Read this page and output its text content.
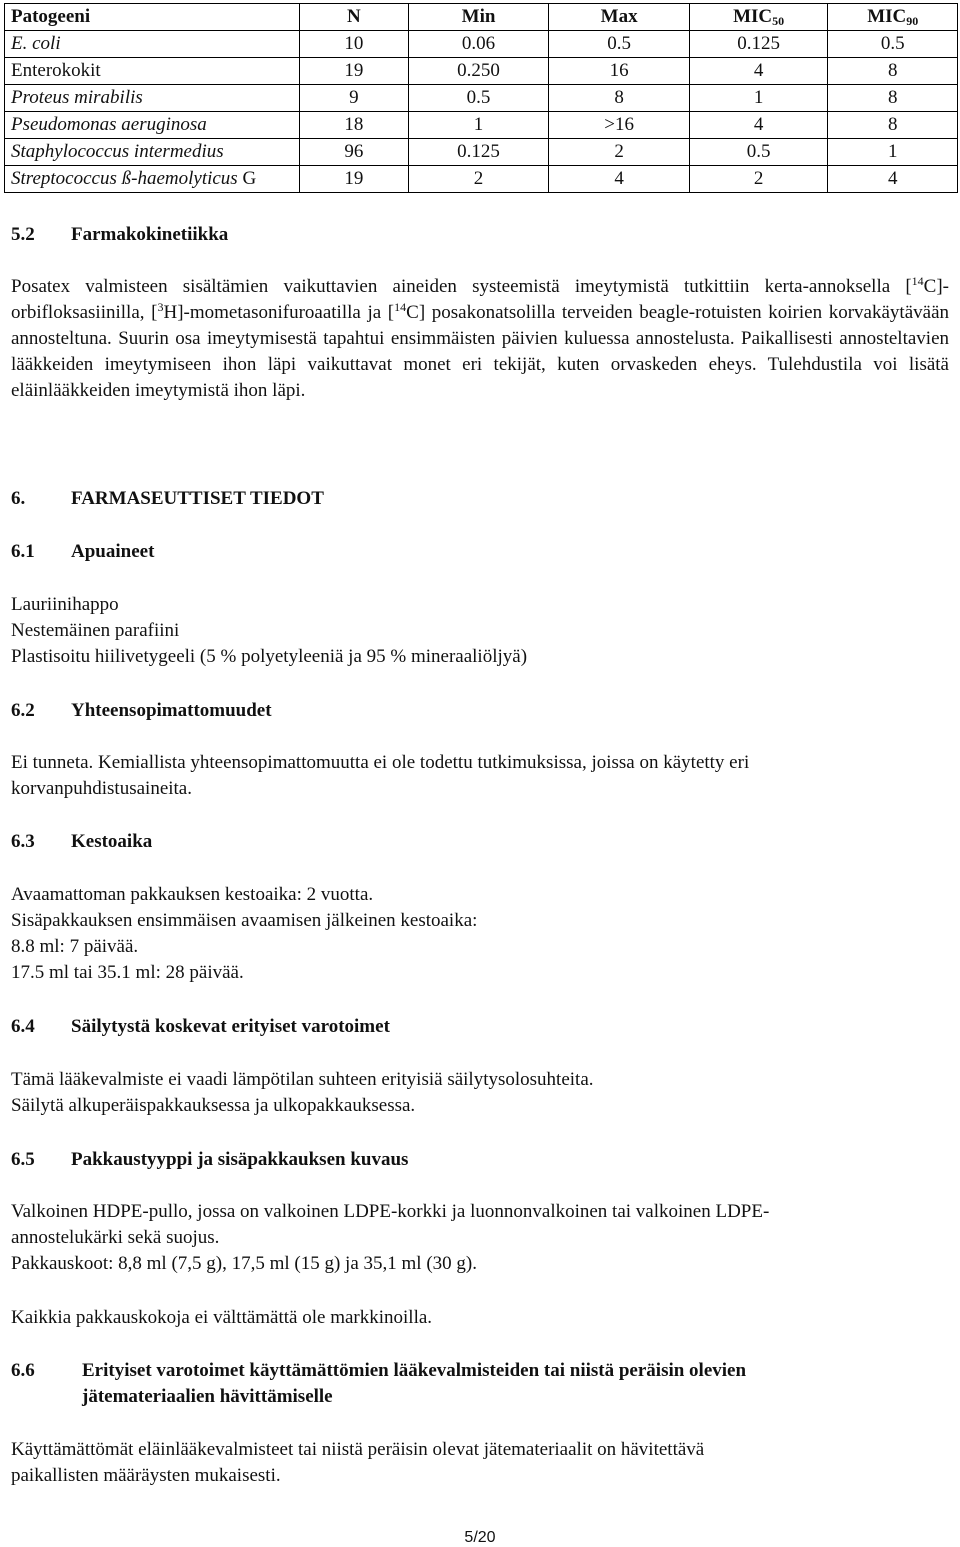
Patogeeni	N	Min	Max	$MIC_{50}$	$MIC_{90}$
E. coli	10	0.06	0.5	0.125	0.5
Enterokokit	19	0.250	16	4	8
Proteus mirabilis	9	0.5	8	1	8
Pseudomonas aeruginosa	18	1	>16	4	8
Staphylococcus intermedius	96	0.125	2	0.5	1
Streptococcus ß-haemolyticus G	19	2	4	2	4
5.2 Farmakokinetiikka
Posatex valmisteen sisältämien vaikuttavien aineiden systeemistä imeytymistä tutkittiin kerta-annoksella [$^{14}$C]-orbifloksasiinilla, [$^3$H]-mometasonifuroaatilla ja [$^{14}$C] posakonatsolilla terveiden beagle-rotuisten koirien korvakäytävään annosteltuna. Suurin osa imeytymisestä tapahtui ensimmäisten päivien kuluessa annostelusta. Paikallisesti annosteltavien lääkkeiden imeytymiseen ihon läpi vaikuttavat monet eri tekijät, kuten orvaskeden eheys. Tulehdustila voi lisätä eläinlääkkeiden imeytymistä ihon läpi.
6. FARMASEUTTISET TIEDOT
6.1 Apuaineet
Lauriinihappo
Nestemäinen parafiini
Plastisoitu hiilivetygeeli (5 % polyetyleeniä ja 95 % mineraaliöljyä)
6.2 Yhteensopimattomuudet
Ei tunneta. Kemiallista yhteensopimattomuutta ei ole todettu tutkimuksissa, joissa on käytetty eri korvanpuhdistusaineita.
6.3 Kestoaika
Avaamattoman pakkauksen kestoaika: 2 vuotta.
Sisäpakkauksen ensimmäisen avaamisen jälkeinen kestoaika:
8.8 ml: 7 päivää.
17.5 ml tai 35.1 ml: 28 päivää.
6.4 Säilytystä koskevat erityiset varotoimet
Tämä lääkevalmiste ei vaadi lämpötilan suhteen erityisiä säilytysolosuhteita.
Säilytä alkuperäispakkauksessa ja ulkopakkauksessa.
6.5 Pakkaustyyppi ja sisäpakkauksen kuvaus
Valkoinen HDPE-pullo, jossa on valkoinen LDPE-korkki ja luonnonvalkoinen tai valkoinen LDPE-
annostelukärki sekä suojus.
Pakkauskoot: 8,8 ml (7,5 g), 17,5 ml (15 g) ja 35,1 ml (30 g).
Kaikkia pakkauskokoja ei välttämättä ole markkinoilla.
6.6 Erityiset varotoimet käyttämättömien lääkevalmisteiden tai niistä peräisin olevien
jätemateriaalien hävittämiselle
Käyttämättömät eläinlääkevalmisteet tai niistä peräisin olevat jätemateriaalit on hävitettävä
paikallisten määräysten mukaisesti.
5/20
